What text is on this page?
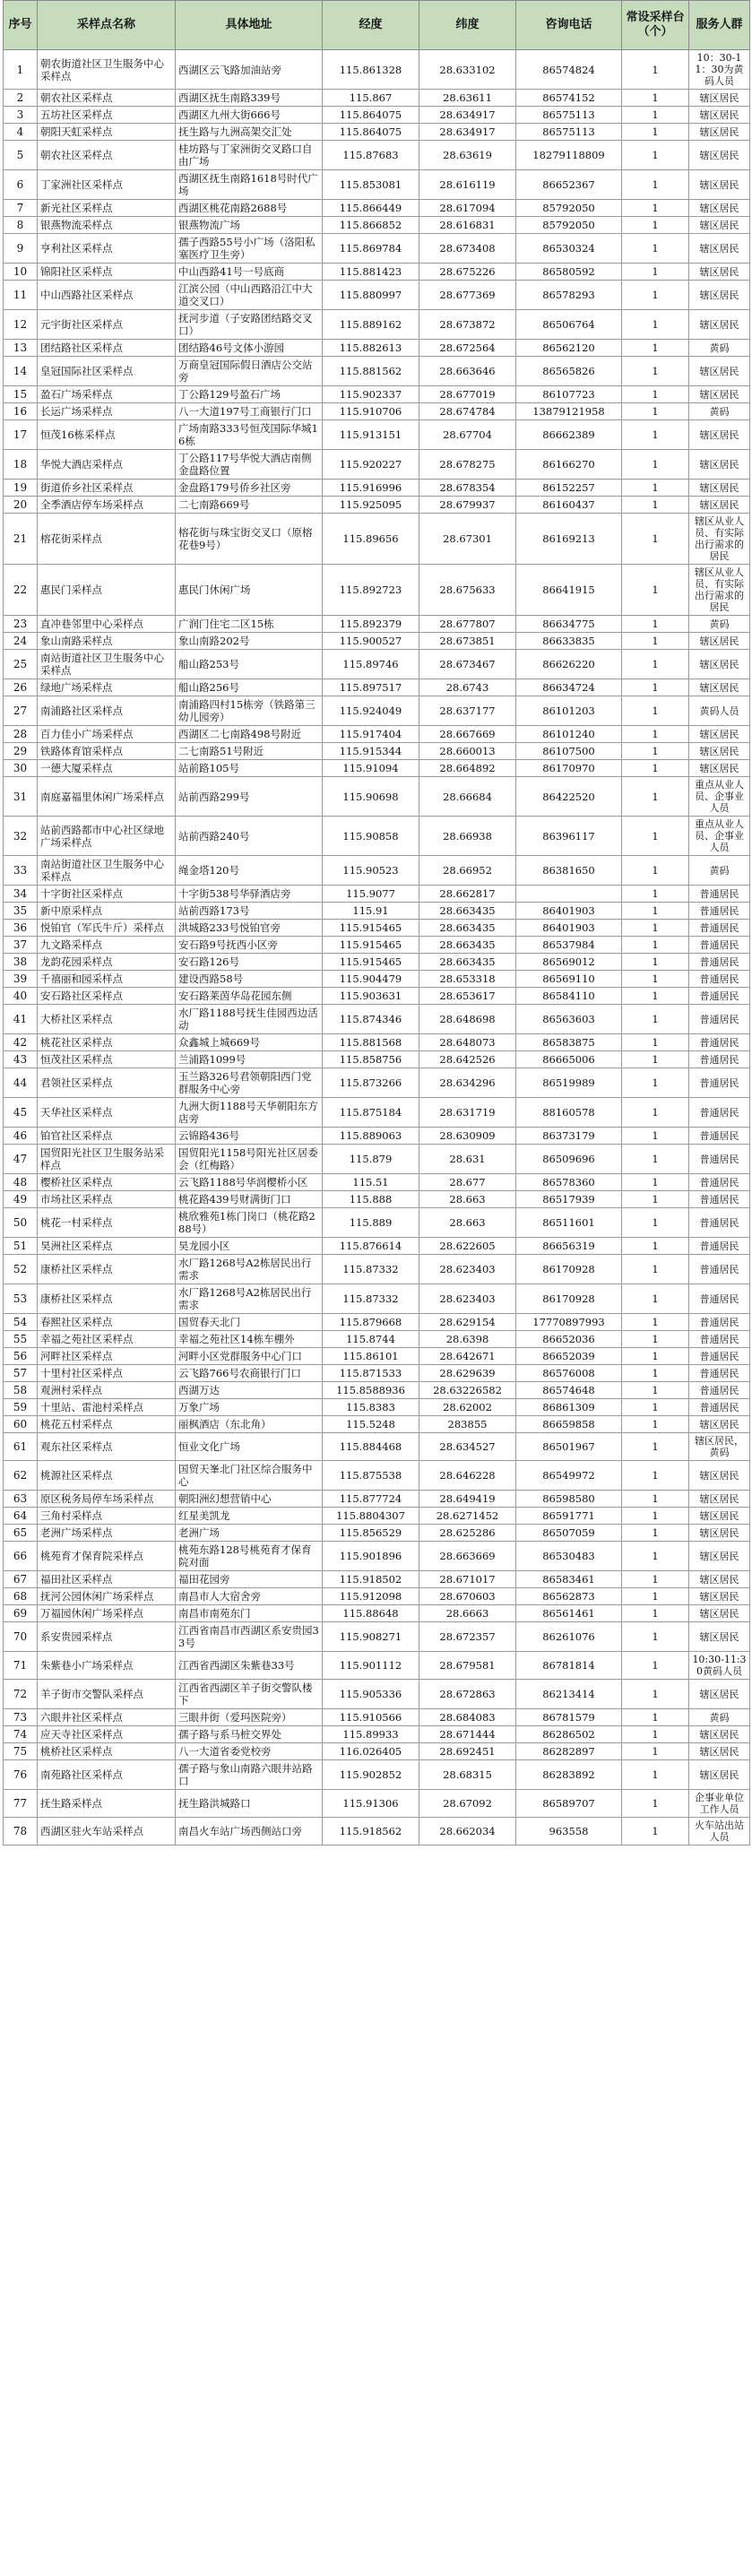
序号	采样点名称	具体地址	经度	纬度	咨询电话	常设采样台（个）	服务人群
1	朝农街道社区卫生服务中心采样点	西湖区云飞路加油站旁	115.861328	28.633102	86574824	1	10：30-11：30为黄码人员
2	朝农社区采样点	西湖区抚生南路339号	115.867	28.63611	86574152	1	辖区居民
3	五坊社区采样点	西湖区九州大街666号	115.864075	28.634917	86575113	1	辖区居民
4	朝阳天虹采样点	抚生路与九洲高架交汇处	115.864075	28.634917	86575113	1	辖区居民
5	朝农社区采样点	桂坊路与丁家洲街交叉路口自由广场	115.87683	28.63619	18279118809	1	辖区居民
6	丁家洲社区采样点	西湖区抚生南路1618号时代广场	115.853081	28.616119	86652367	1	辖区居民
7	新光社区采样点	西湖区桃花南路2688号	115.866449	28.617094	85792050	1	辖区居民
8	银燕物流采样点	银燕物流广场	115.866852	28.616831	85792050	1	辖区居民
9	亨利社区采样点	孺子西路55号小广场（洛阳私塞医疗卫生旁）	115.869784	28.673408	86530324	1	辖区居民
10	锦阳社区采样点	中山西路41号一号底商	115.881423	28.675226	86580592	1	辖区居民
11	中山西路社区采样点	江滨公园（中山西路沿江中大道交叉口）	115.880997	28.677369	86578293	1	辖区居民
12	元宇街社区采样点	抚河步道（子安路团结路交叉口）	115.889162	28.673872	86506764	1	辖区居民
13	团结路社区采样点	团结路46号文体小游园	115.882613	28.672564	86562120	1	黄码
14	皇冠国际社区采样点	万商皇冠国际假日酒店公交站旁	115.881562	28.663646	86565826	1	辖区居民
15	盈石广场采样点	丁公路129号盈石广场	115.902337	28.677019	86107723	1	辖区居民
16	长运广场采样点	八一大道197号工商银行门口	115.910706	28.674784	13879121958	1	黄码
17	恒茂16栋采样点	广场南路333号恒茂国际华城16栋	115.913151	28.67704	86662389	1	辖区居民
18	华悦大酒店采样点	丁公路117号华悦大酒店南侧金盘路位置	115.920227	28.678275	86166270	1	辖区居民
19	街道侨乡社区采样点	金盘路179号侨乡社区旁	115.916996	28.678354	86152257	1	辖区居民
20	全季酒店停车场采样点	二七南路669号	115.925095	28.679937	86160437	1	辖区居民
21	榕花街采样点	榕花街与珠宝街交叉口（原榕花巷9号）	115.89656	28.67301	86169213	1	辖区从业人员、有实际出行需求的居民
22	惠民门采样点	惠民门休闲广场	115.892723	28.675633	86641915	1	辖区从业人员、有实际出行需求的居民
23	直冲巷邻里中心采样点	广润门住宅二区15栋	115.892379	28.677807	86634775	1	黄码
24	象山南路采样点	象山南路202号	115.900527	28.673851	86633835	1	辖区居民
25	南站街道社区卫生服务中心采样点	船山路253号	115.89746	28.673467	86626220	1	辖区居民
26	绿地广场采样点	船山路256号	115.897517	28.6743	86634724	1	辖区居民
27	南浦路社区采样点	南浦路四村15栋旁（铁路第三幼儿园旁）	115.924049	28.637177	86101203	1	黄码人员
28	百力佳小广场采样点	西湖区二七南路498号附近	115.917404	28.667669	86101240	1	辖区居民
29	铁路体育馆采样点	二七南路51号附近	115.915344	28.660013	86107500	1	辖区居民
30	一德大厦采样点	站前路105号	115.91094	28.664892	86170970	1	辖区居民
31	南庭嘉福里休闲广场采样点	站前西路299号	115.90698	28.66684	86422520	1	重点从业人员、企事业人员
32	站前西路都市中心社区绿地广场采样点	站前西路240号	115.90858	28.66938	86396117	1	重点从业人员、企事业人员
33	南站街道社区卫生服务中心采样点	绳金塔120号	115.90523	28.66952	86381650	1	黄码
34	十字街社区采样点	十字街538号华驿酒店旁	115.9077	28.662817		1	普通居民
35	新中原采样点	站前西路173号	115.91	28.663435	86401903	1	普通居民
36	悦铂官（军氏牛斤）采样点	洪城路233号悦铂官旁	115.915465	28.663435	86401903	1	普通居民
37	九文路采样点	安石路9号抚西小区旁	115.915465	28.663435	86537984	1	普通居民
38	龙韵花园采样点	安石路126号	115.915465	28.663435	86569012	1	普通居民
39	千禧丽和园采样点	建设西路58号	115.904479	28.653318	86569110	1	普通居民
40	安石路社区采样点	安石路莱茵华岛花园东侧	115.903631	28.653617	86584110	1	普通居民
41	大桥社区采样点	水厂路1188号抚生佳园西边活动	115.874346	28.648698	86563603	1	普通居民
42	桃花社区采样点	众鑫城上城669号	115.881568	28.648073	86583875	1	普通居民
43	恒茂社区采样点	兰浦路1099号	115.858756	28.642526	86665006	1	普通居民
44	君领社区采样点	玉兰路326号君领朝阳西门党群服务中心旁	115.873266	28.634296	86519989	1	普通居民
45	天华社区采样点	九洲大街1188号天华朝阳东方店旁	115.875184	28.631719	88160578	1	普通居民
46	铂官社区采样点	云锦路436号	115.889063	28.630909	86373179	1	普通居民
47	国贸阳光社区卫生服务站采样点	国贸阳光1158号阳光社区居委会（红梅路）	115.879	28.631	86509696	1	普通居民
48	樱桥社区采样点	云飞路1188号华润樱桥小区	115.51	28.677	86578360	1	普通居民
49	市场社区采样点	桃花路439号财满街门口	115.888	28.663	86517939	1	普通居民
50	桃花一村采样点	桃欣雅苑1栋门岗口（桃花路288号）	115.889	28.663	86511601	1	普通居民
51	昊洲社区采样点	昊龙园小区	115.876614	28.622605	86656319	1	普通居民
52	康桥社区采样点	水厂路1268号A2栋居民出行需求	115.87332	28.623403	86170928	1	普通居民
53	康桥社区采样点	水厂路1268号A2栋居民出行需求	115.87332	28.623403	86170928	1	普通居民
54	春熙社区采样点	国贸春天北门	115.879668	28.629154	17770897993	1	普通居民
55	幸福之苑社区采样点	幸福之苑社区14栋车棚外	115.8744	28.6398	86652036	1	普通居民
56	河畔社区采样点	河畔小区党群服务中心门口	115.86101	28.642671	86652039	1	普通居民
57	十里村社区采样点	云飞路766号农商银行门口	115.871533	28.629639	86576008	1	普通居民
58	观洲村采样点	西湖万达	115.8588936	28.63226582	86574648	1	普通居民
59	十里站、雷池村采样点	万象广场	115.8383	28.62002	86861309	1	普通居民
60	桃花五村采样点	丽枫酒店（东北角）	115.5248	283855	86659858	1	辖区居民
61	观东社区采样点	恒业文化广场	115.884468	28.634527	86501967	1	辖区居民，黄码
62	桃源社区采样点	国贸天峯北门社区综合服务中心	115.875538	28.646228	86549972	1	辖区居民
63	原区税务局停车场采样点	朝阳洲幻想营销中心	115.877724	28.649419	86598580	1	辖区居民
64	三角村采样点	红星美凯龙	115.8804307	28.6271452	86591771	1	辖区居民
65	老洲广场采样点	老洲广场	115.856529	28.625286	86507059	1	辖区居民
66	桃苑育才保育院采样点	桃苑东路128号桃苑育才保育院对面	115.901896	28.663669	86530483	1	辖区居民
67	福田社区采样点	福田花园旁	115.918502	28.671017	86583461	1	辖区居民
68	抚河公园休闲广场采样点	南昌市人大宿舍旁	115.912098	28.670603	86562873	1	辖区居民
69	万福园休闲广场采样点	南昌市南苑东门	115.88648	28.6663	86561461	1	辖区居民
70	系安贵园采样点	江西省南昌市西湖区系安贵园33号	115.908271	28.672357	86261076	1	辖区居民
71	朱紫巷小广场采样点	江西省西湖区朱紫巷33号	115.901112	28.679581	86781814	1	10:30-11:30黄码人员
72	羊子街市交警队采样点	江西省西湖区羊子街交警队楼下	115.905336	28.672863	86213414	1	辖区居民
73	六眼井社区采样点	三眼井街（爱玛医院旁）	115.910566	28.684083	86781579	1	黄码
74	应天寺社区采样点	孺子路与系马桩交界处	115.89933	28.671444	86286502	1	辖区居民
75	桃桥社区采样点	八一大道省委党校旁	116.026405	28.692451	86282897	1	辖区居民
76	南苑路社区采样点	孺子路与象山南路六眼井站路口	115.902852	28.68315	86283892	1	辖区居民
77	抚生路采样点	抚生路洪城路口	115.91306	28.67092	86589707	1	企事业单位工作人员
78	西湖区驻火车站采样点	南昌火车站广场西侧站口旁	115.918562	28.662034	963558	1	火车站出站人员
